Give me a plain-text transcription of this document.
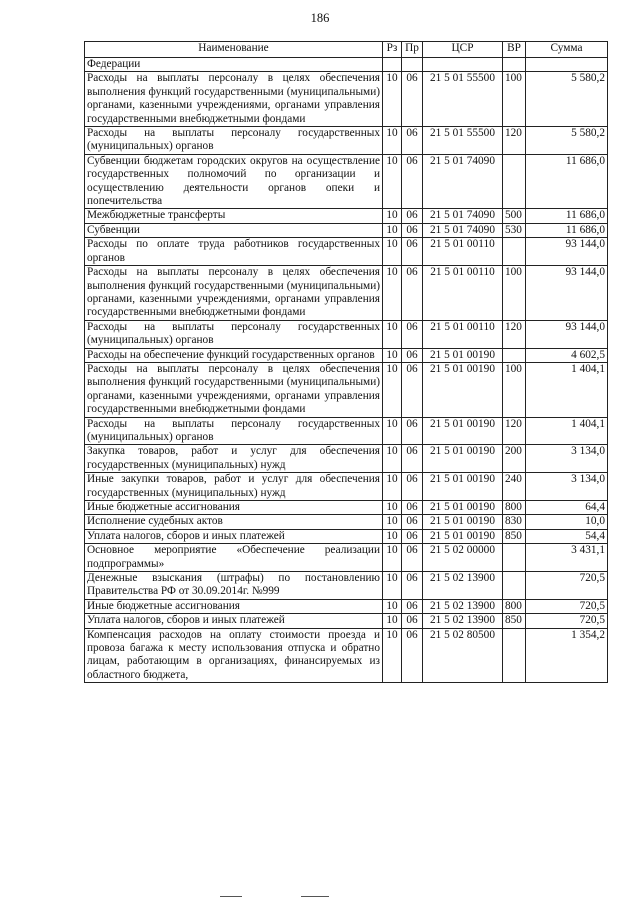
186
Наименование	Рз	Пр	ЦСР	ВР	Сумма
Федерации					
Расходы на выплаты персоналу в целях обеспечения выполнения функций государственными (муниципальными) органами, казенными учреждениями, органами управления государственными внебюджетными фондами	10	06	21 5 01 55500	100	5 580,2
Расходы на выплаты персоналу государственных (муниципальных) органов	10	06	21 5 01 55500	120	5 580,2
Субвенции бюджетам городских округов на осуществление государственных полномочий по организации и осуществлению деятельности органов опеки и попечительства	10	06	21 5 01 74090		11 686,0
Межбюджетные трансферты	10	06	21 5 01 74090	500	11 686,0
Субвенции	10	06	21 5 01 74090	530	11 686,0
Расходы по оплате труда работников государственных органов	10	06	21 5 01 00110		93 144,0
Расходы на выплаты персоналу в целях обеспечения выполнения функций государственными (муниципальными) органами, казенными учреждениями, органами управления государственными внебюджетными фондами	10	06	21 5 01 00110	100	93 144,0
Расходы на выплаты персоналу государственных (муниципальных) органов	10	06	21 5 01 00110	120	93 144,0
Расходы на обеспечение функций государственных органов	10	06	21 5 01 00190		4 602,5
Расходы на выплаты персоналу в целях обеспечения выполнения функций государственными (муниципальными) органами, казенными учреждениями, органами управления государственными внебюджетными фондами	10	06	21 5 01 00190	100	1 404,1
Расходы на выплаты персоналу государственных (муниципальных) органов	10	06	21 5 01 00190	120	1 404,1
Закупка товаров, работ и услуг для обеспечения государственных (муниципальных) нужд	10	06	21 5 01 00190	200	3 134,0
Иные закупки товаров, работ и услуг для обеспечения государственных (муниципальных) нужд	10	06	21 5 01 00190	240	3 134,0
Иные бюджетные ассигнования	10	06	21 5 01 00190	800	64,4
Исполнение судебных актов	10	06	21 5 01 00190	830	10,0
Уплата налогов, сборов и иных платежей	10	06	21 5 01 00190	850	54,4
Основное мероприятие «Обеспечение реализации подпрограммы»	10	06	21 5 02 00000		3 431,1
Денежные взыскания (штрафы) по постановлению Правительства РФ от 30.09.2014г. №999	10	06	21 5 02 13900		720,5
Иные бюджетные ассигнования	10	06	21 5 02 13900	800	720,5
Уплата налогов, сборов и иных платежей	10	06	21 5 02 13900	850	720,5
Компенсация расходов на оплату стоимости проезда и провоза багажа к месту использования отпуска и обратно лицам, работающим в организациях, финансируемых из областного бюджета,	10	06	21 5 02 80500		1 354,2
